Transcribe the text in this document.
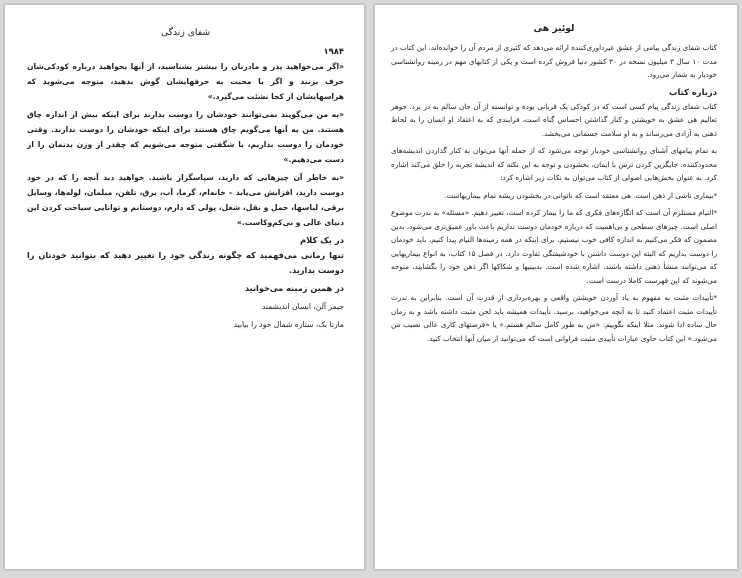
شفای زندگی
۱۹۸۴

«اگر می‌خواهید پدر و مادرتان را بیشتر بشناسید، از آنها بخواهید درباره کودکی‌شان حرف بزنند و اگر با محبت به حرفهایشان گوش بدهید، متوجه می‌شوید که هراسهایشان از کجا نشئت می‌گیرد.»

«به من می‌گویند نمی‌توانند خودشان را دوست بدارند برای اینکه بیش از اندازه چاق هستند. من به آنها می‌گویم چاق هستند برای اینکه خودشان را دوست ندارند. وقتی خودمان را دوست بداریم، با شگفتی متوجه می‌شویم که چقدر از وزن بدنمان را از دست می‌دهیم.»

«به خاطر آن چیزهایی که دارید، سپاسگزار باشید. خواهید دید آنچه را که در خود دوست دارید، افزایش می‌یابد – خانه‌ام، گرما، آب، برق، تلفن، مبلمان، لوله‌ها، وسایل برقی، لباسها، حمل و نقل، شغل، پولی که دارم، دوستانم و توانایی سیاحت کردن این دنیای عالی و بی‌کم‌وکاست.»

در یک کلام

تنها زمانی می‌فهمید که چگونه زندگی خود را تغییر دهید که بتوانید خودتان را دوست بدارید.

در همین زمینه می‌خوانید

جیمز آلن، انسان اندیشمند

مارتا بک، ستاره شمال خود را بیابید

لوئیز هی

کتاب شفای زندگی پیامی از عشق غیرداوری‌کننده ارائه می‌دهد که کثیری از مردم آن را خوانده‌اند. این کتاب در مدت ۱۰ سال ۳ میلیون نسخه در ۳۰ کشور دنیا فروش کرده است و یکی از کتابهای مهم در زمینه روانشناسی خودیار به شمار می‌رود.

درباره کتاب

کتاب شفای زندگی پیام کسی است که در کودکی یک قربانی بوده و توانسته از آن جان سالم به در برد. جوهر تعالیم هی عشق به خویشتن و کنار گذاشتن احساس گناه است، فرایندی که به اعتقاد او انسان را به لحاظ ذهنی به آزادی می‌رساند و به او سلامت جسمانی می‌بخشد.

به تمام پیامهای آشنای روانشناسی خودیار توجه می‌شود که از جمله آنها می‌توان به کنار گذاردن اندیشه‌های محدودکننده، جایگزین کردن ترس با ایمان، بخشودن و توجه به این نکته که اندیشه تجربه را خلق می‌کند اشاره کرد. به عنوان بخش‌هایی اصولی از کتاب می‌توان به نکات زیر اشاره کرد:

*بیماری ناشی از ذهن است. هی معتقد است که ناتوانی در بخشودن ریشه تمام بیماریهاست.

*التیام مستلزم آن است که انگاره‌های فکری که ما را بیمار کرده است، تغییر دهیم. «مسئله» به ندرت موضوع اصلی است. چیزهای سطحی و بی‌اهمیت که درباره خودمان دوست نداریم باعث باور عمیق‌تری می‌شود، بدین مضمون که فکر می‌کنیم به اندازه کافی خوب نیستیم. برای اینکه در همه زمینه‌ها التیام پیدا کنیم، باید خودمان را دوست بداریم که البته این دوست داشتن با خودشیفتگی تفاوت دارد. در فصل ۱۵ کتاب، به انواع بیماریهایی که می‌توانند منشأ ذهنی داشته باشند، اشاره شده است. بدبینیها و شکاکها اگر ذهن خود را بگشایند، متوجه می‌شوند که این فهرست کاملا درست است.

*تأییدات مثبت به مفهوم به یاد آوردن خویشتن واقعی و بهره‌برداری از قدرت آن است. بنابراین به ندرت تأییدات مثبت اعتماد کنید تا به آنچه می‌خواهید، برسید. تأییدات همیشه باید لحن مثبت داشته باشد و به زمان حال ساده ادا شوند. مثلا اینکه بگوییم: «من به طور کامل سالم هستم.» یا «فرصتهای کاری عالی نصیب من می‌شود.» این کتاب حاوی عبارات تأییدی مثبت فراوانی است که می‌توانید از میان آنها انتخاب کنید.
